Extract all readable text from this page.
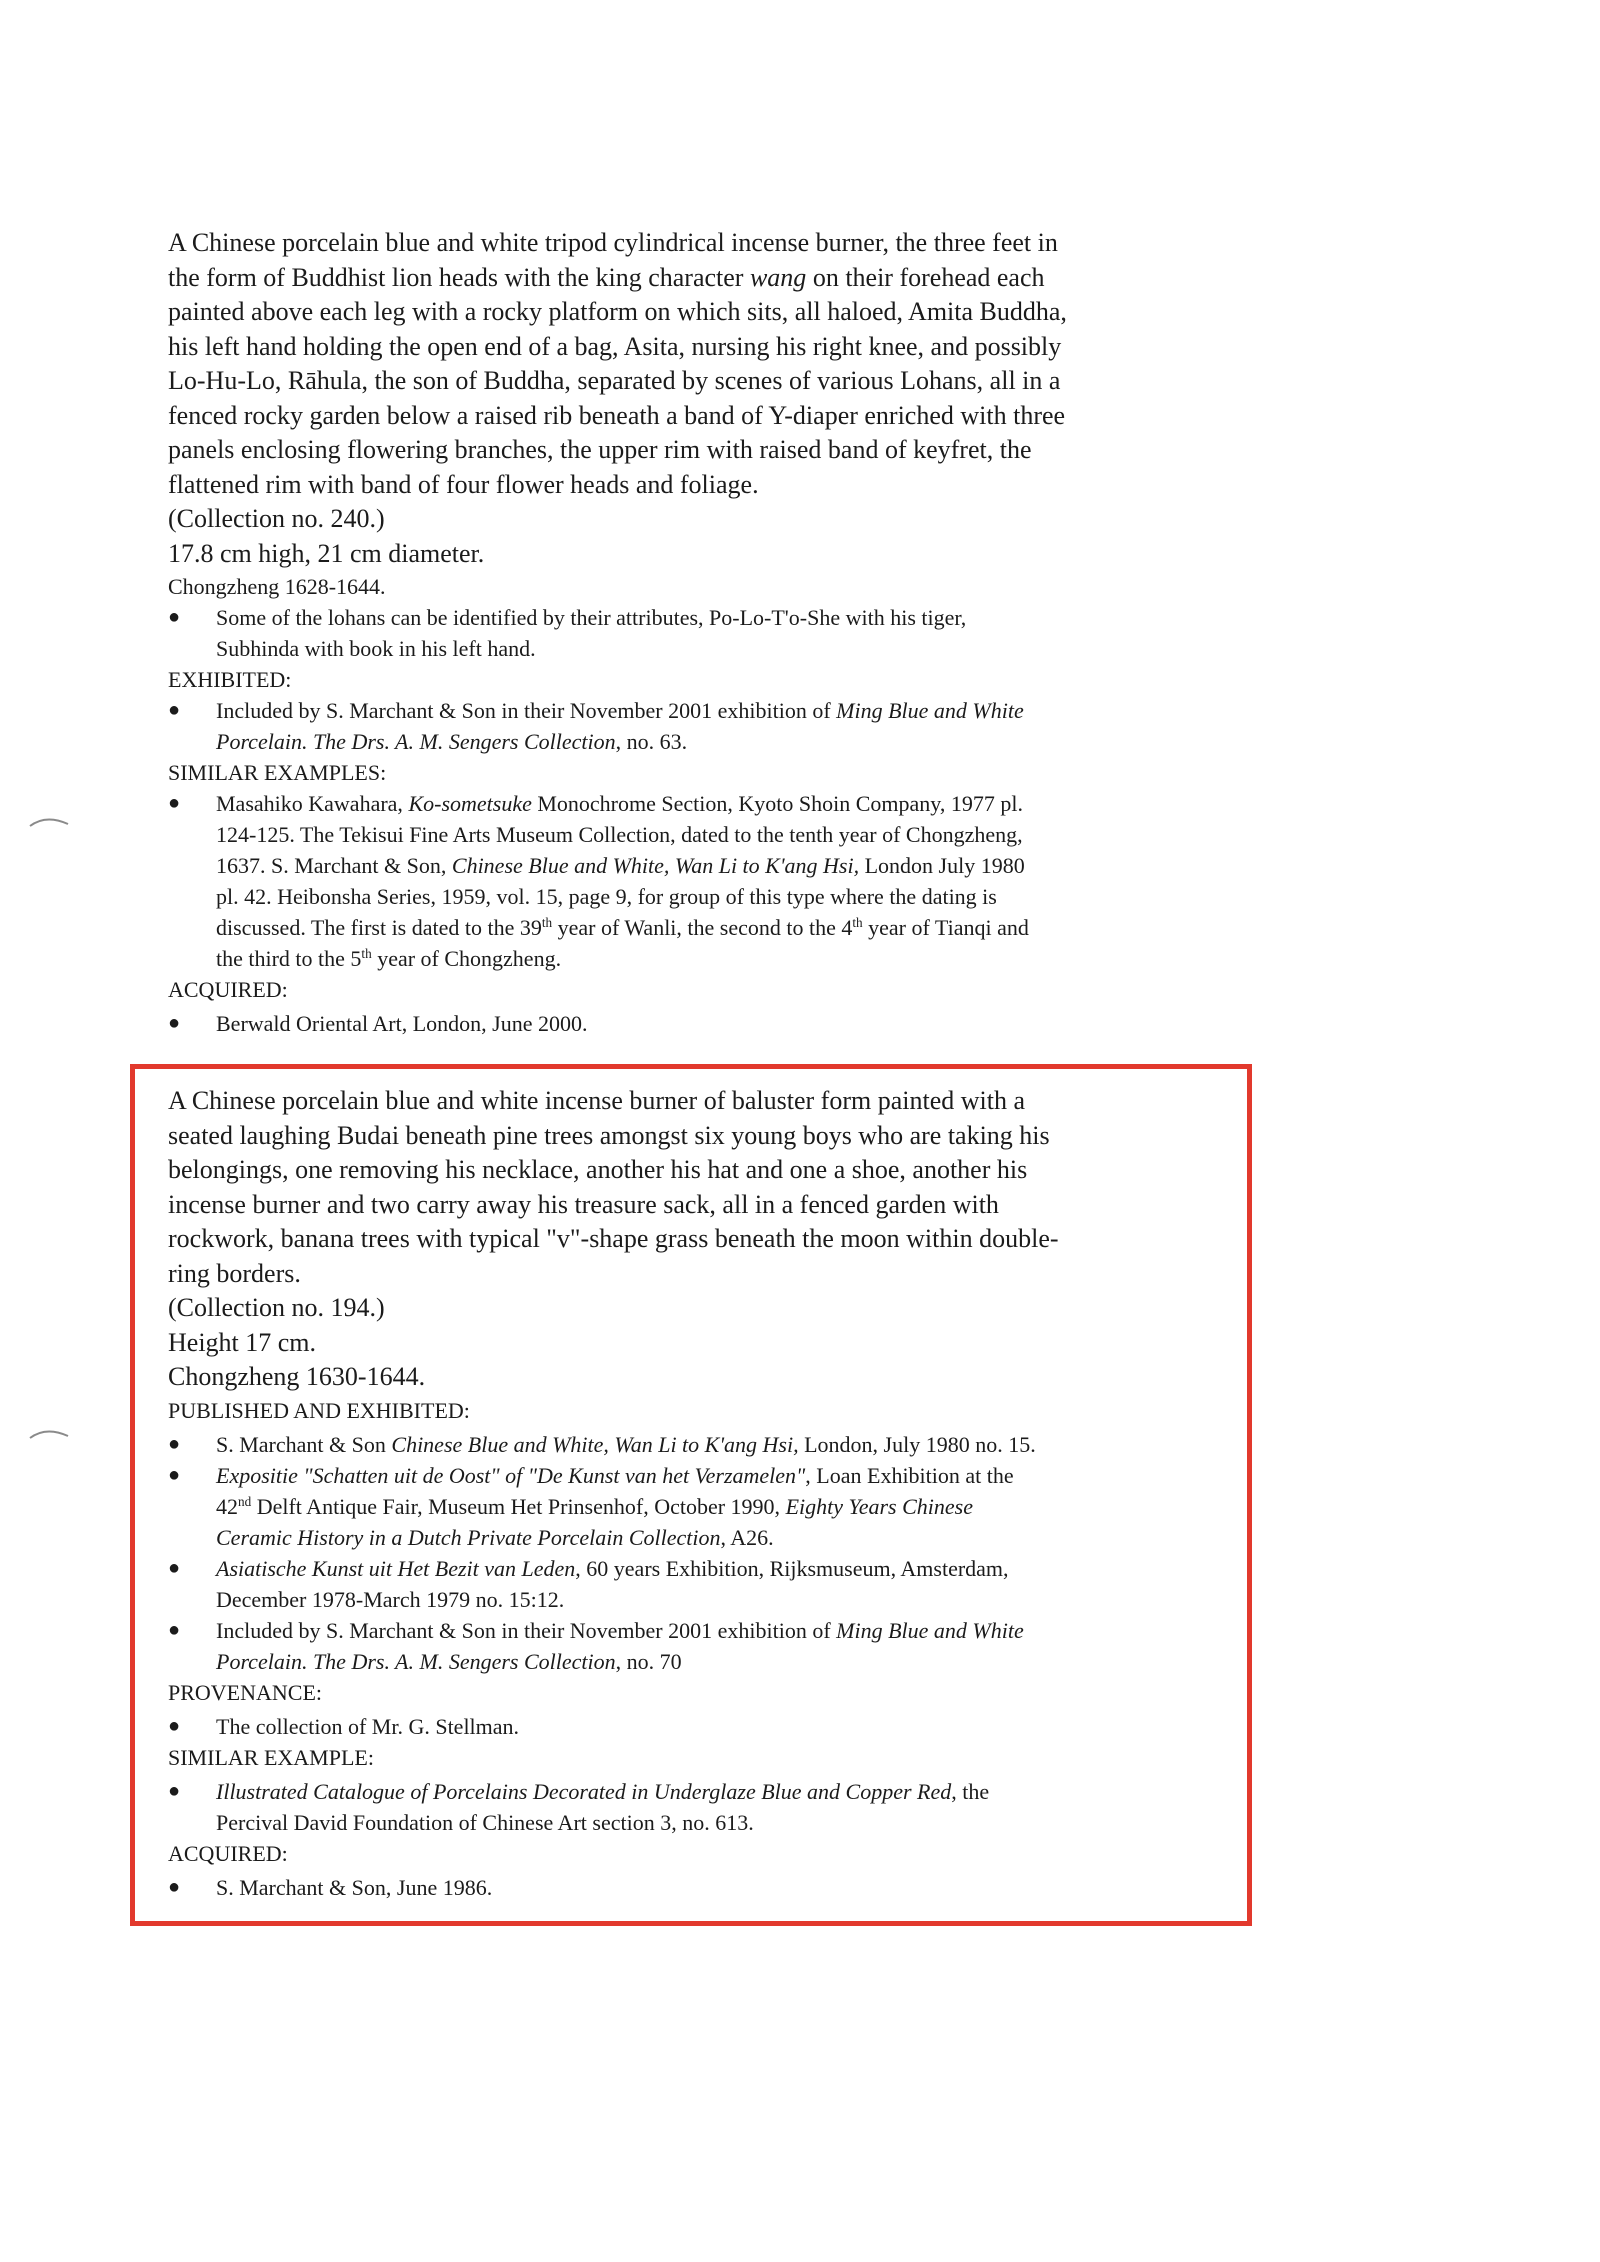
A Chinese porcelain blue and white tripod cylindrical incense burner, the three feet in
the form of Buddhist lion heads with the king character wang on their forehead each
painted above each leg with a rocky platform on which sits, all haloed, Amita Buddha,
his left hand holding the open end of a bag, Asita, nursing his right knee, and possibly
Lo-Hu-Lo, Rāhula, the son of Buddha, separated by scenes of various Lohans, all in a
fenced rocky garden below a raised rib beneath a band of Y-diaper enriched with three
panels enclosing flowering branches, the upper rim with raised band of keyfret, the
flattened rim with band of four flower heads and foliage.
(Collection no. 240.)
17.8 cm high, 21 cm diameter.
Chongzheng 1628-1644.
● Some of the lohans can be identified by their attributes, Po-Lo-T'o-She with his tiger,
Subhinda with book in his left hand.
EXHIBITED:
● Included by S. Marchant & Son in their November 2001 exhibition of Ming Blue and White
Porcelain. The Drs. A. M. Sengers Collection, no. 63.
SIMILAR EXAMPLES:
● Masahiko Kawahara, Ko-sometsuke Monochrome Section, Kyoto Shoin Company, 1977 pl.
124-125. The Tekisui Fine Arts Museum Collection, dated to the tenth year of Chongzheng,
1637. S. Marchant & Son, Chinese Blue and White, Wan Li to K'ang Hsi, London July 1980
pl. 42. Heibonsha Series, 1959, vol. 15, page 9, for group of this type where the dating is
discussed. The first is dated to the 39th year of Wanli, the second to the 4th year of Tianqi and
the third to the 5th year of Chongzheng.
ACQUIRED:
● Berwald Oriental Art, London, June 2000.
A Chinese porcelain blue and white incense burner of baluster form painted with a
seated laughing Budai beneath pine trees amongst six young boys who are taking his
belongings, one removing his necklace, another his hat and one a shoe, another his
incense burner and two carry away his treasure sack, all in a fenced garden with
rockwork, banana trees with typical "v"-shape grass beneath the moon within double-
ring borders.
(Collection no. 194.)
Height 17 cm.
Chongzheng 1630-1644.
PUBLISHED AND EXHIBITED:
● S. Marchant & Son Chinese Blue and White, Wan Li to K'ang Hsi, London, July 1980 no. 15.
● Expositie "Schatten uit de Oost" of "De Kunst van het Verzamelen", Loan Exhibition at the
42nd Delft Antique Fair, Museum Het Prinsenhof, October 1990, Eighty Years Chinese
Ceramic History in a Dutch Private Porcelain Collection, A26.
● Asiatische Kunst uit Het Bezit van Leden, 60 years Exhibition, Rijksmuseum, Amsterdam,
December 1978-March 1979 no. 15:12.
● Included by S. Marchant & Son in their November 2001 exhibition of Ming Blue and White
Porcelain. The Drs. A. M. Sengers Collection, no. 70
PROVENANCE:
● The collection of Mr. G. Stellman.
SIMILAR EXAMPLE:
● Illustrated Catalogue of Porcelains Decorated in Underglaze Blue and Copper Red, the
Percival David Foundation of Chinese Art section 3, no. 613.
ACQUIRED:
● S. Marchant & Son, June 1986.
